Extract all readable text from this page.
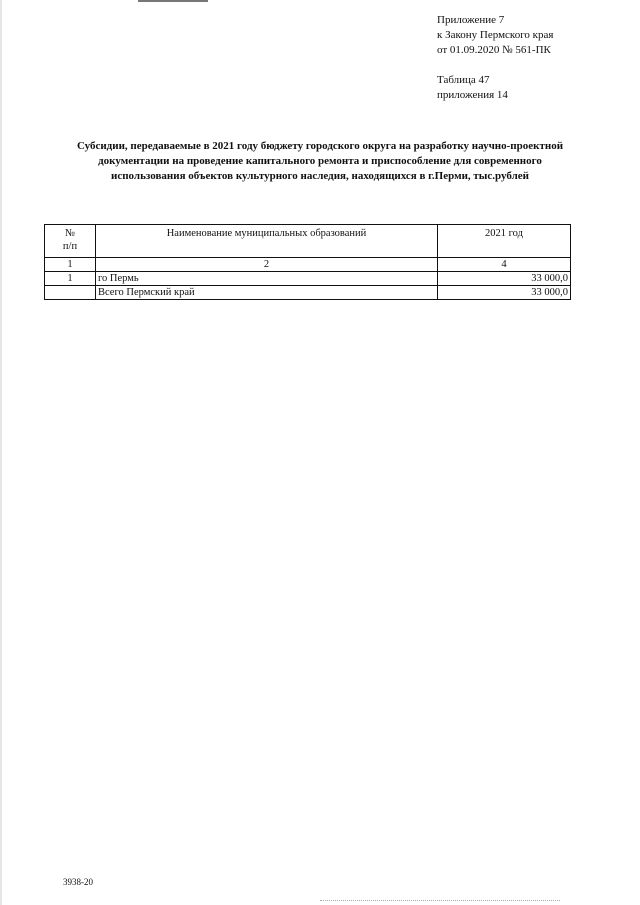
Приложение 7
к Закону Пермского края
от 01.09.2020 № 561-ПК
Таблица 47
приложения 14
Субсидии, передаваемые в 2021 году бюджету городского округа на разработку научно-проектной
документации на проведение капитального ремонта и приспособление для современного
использования объектов культурного наследия, находящихся в г.Перми, тыс.рублей
№
п/п	Наименование муниципальных образований	2021 год
1	2	4
1	го Пермь	33 000,0
	Всего Пермский край	33 000,0
3938-20
